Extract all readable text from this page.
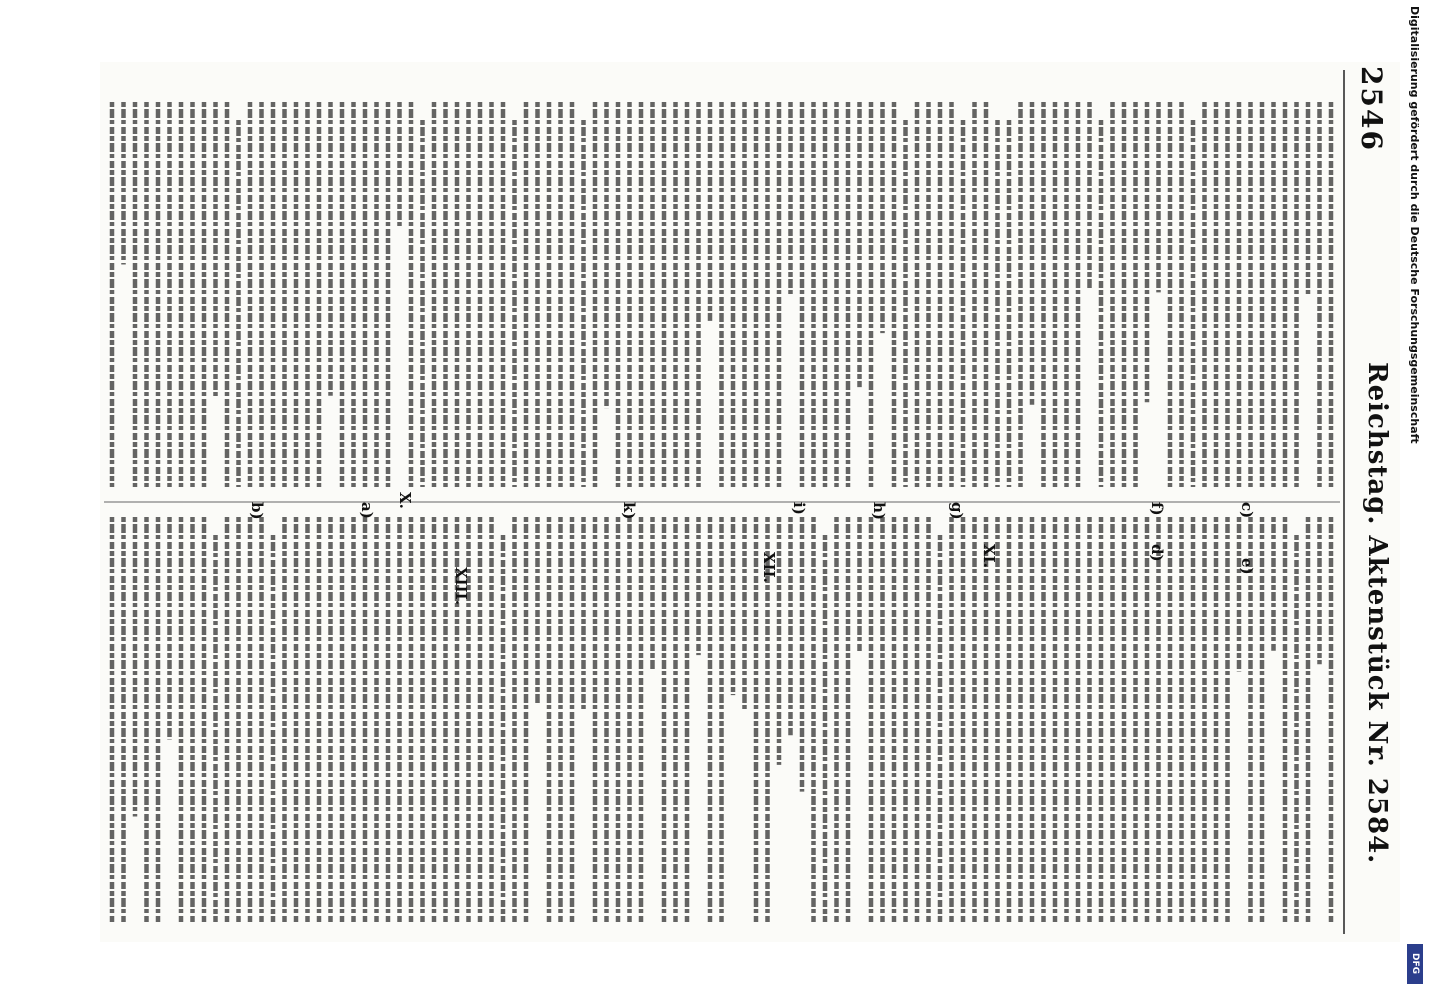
2546
Reichstag. Aktenstück Nr. 2584.
X.
XI.
XII.
XIII.
a)
b)	c)
d)
e)
f)
g)
h)
i)
k)
Digitalisierung gefördert durch die Deutsche Forschungsgemeinschaft
DFG
